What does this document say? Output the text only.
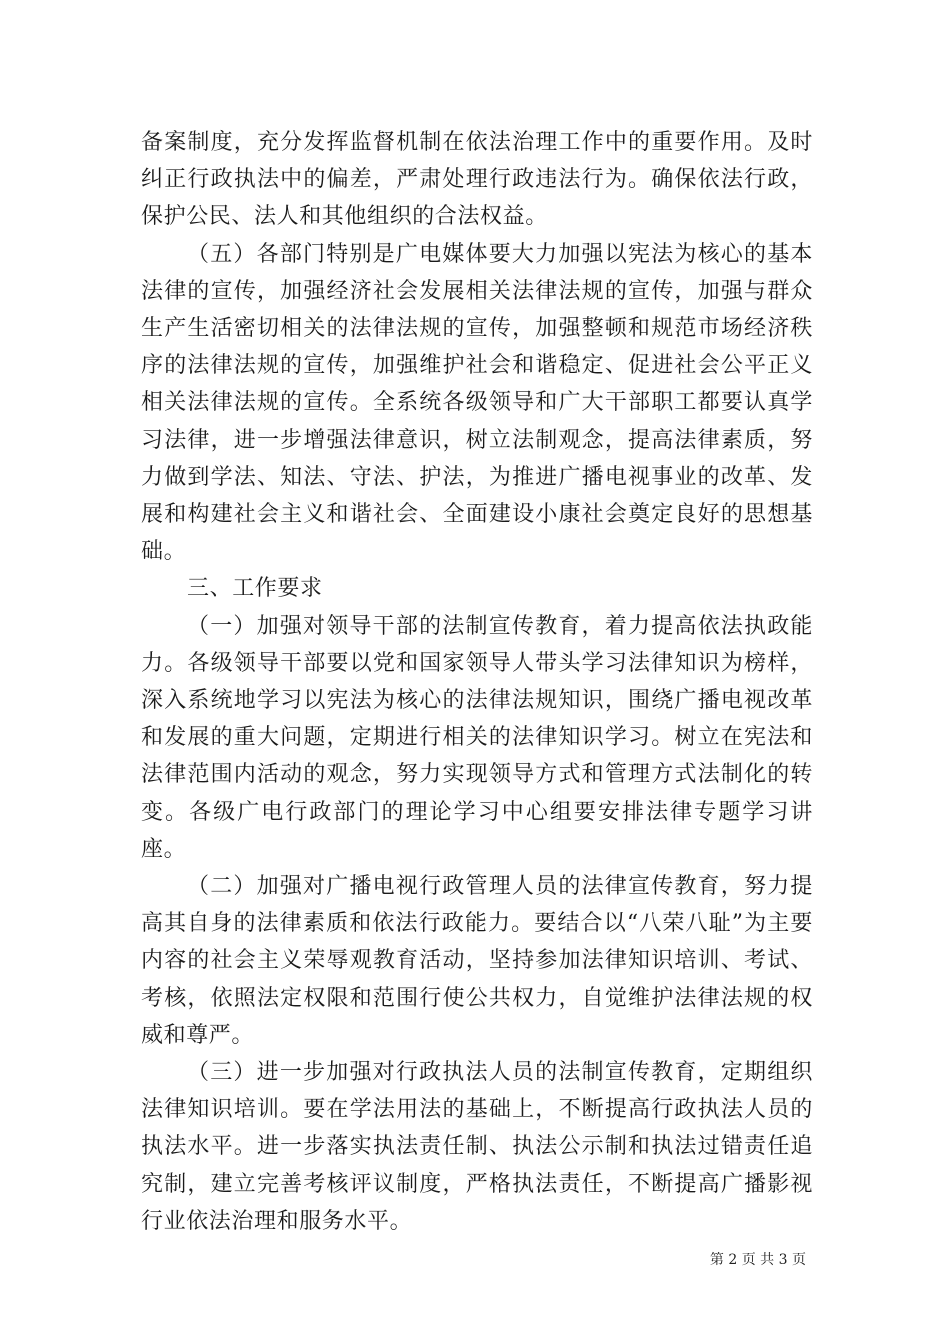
备案制度，充分发挥监督机制在依法治理工作中的重要作用。及时纠正行政执法中的偏差，严肃处理行政违法行为。确保依法行政，保护公民、法人和其他组织的合法权益。

（五）各部门特别是广电媒体要大力加强以宪法为核心的基本法律的宣传，加强经济社会发展相关法律法规的宣传，加强与群众生产生活密切相关的法律法规的宣传，加强整顿和规范市场经济秩序的法律法规的宣传，加强维护社会和谐稳定、促进社会公平正义相关法律法规的宣传。全系统各级领导和广大干部职工都要认真学习法律，进一步增强法律意识，树立法制观念，提高法律素质，努力做到学法、知法、守法、护法，为推进广播电视事业的改革、发展和构建社会主义和谐社会、全面建设小康社会奠定良好的思想基础。

三、工作要求

（一）加强对领导干部的法制宣传教育，着力提高依法执政能力。各级领导干部要以党和国家领导人带头学习法律知识为榜样，深入系统地学习以宪法为核心的法律法规知识，围绕广播电视改革和发展的重大问题，定期进行相关的法律知识学习。树立在宪法和法律范围内活动的观念，努力实现领导方式和管理方式法制化的转变。各级广电行政部门的理论学习中心组要安排法律专题学习讲座。

（二）加强对广播电视行政管理人员的法律宣传教育，努力提高其自身的法律素质和依法行政能力。要结合以“八荣八耻”为主要内容的社会主义荣辱观教育活动，坚持参加法律知识培训、考试、考核，依照法定权限和范围行使公共权力，自觉维护法律法规的权威和尊严。

（三）进一步加强对行政执法人员的法制宣传教育，定期组织法律知识培训。要在学法用法的基础上，不断提高行政执法人员的执法水平。进一步落实执法责任制、执法公示制和执法过错责任追究制，建立完善考核评议制度，严格执法责任，不断提高广播影视行业依法治理和服务水平。

第 2 页 共 3 页
